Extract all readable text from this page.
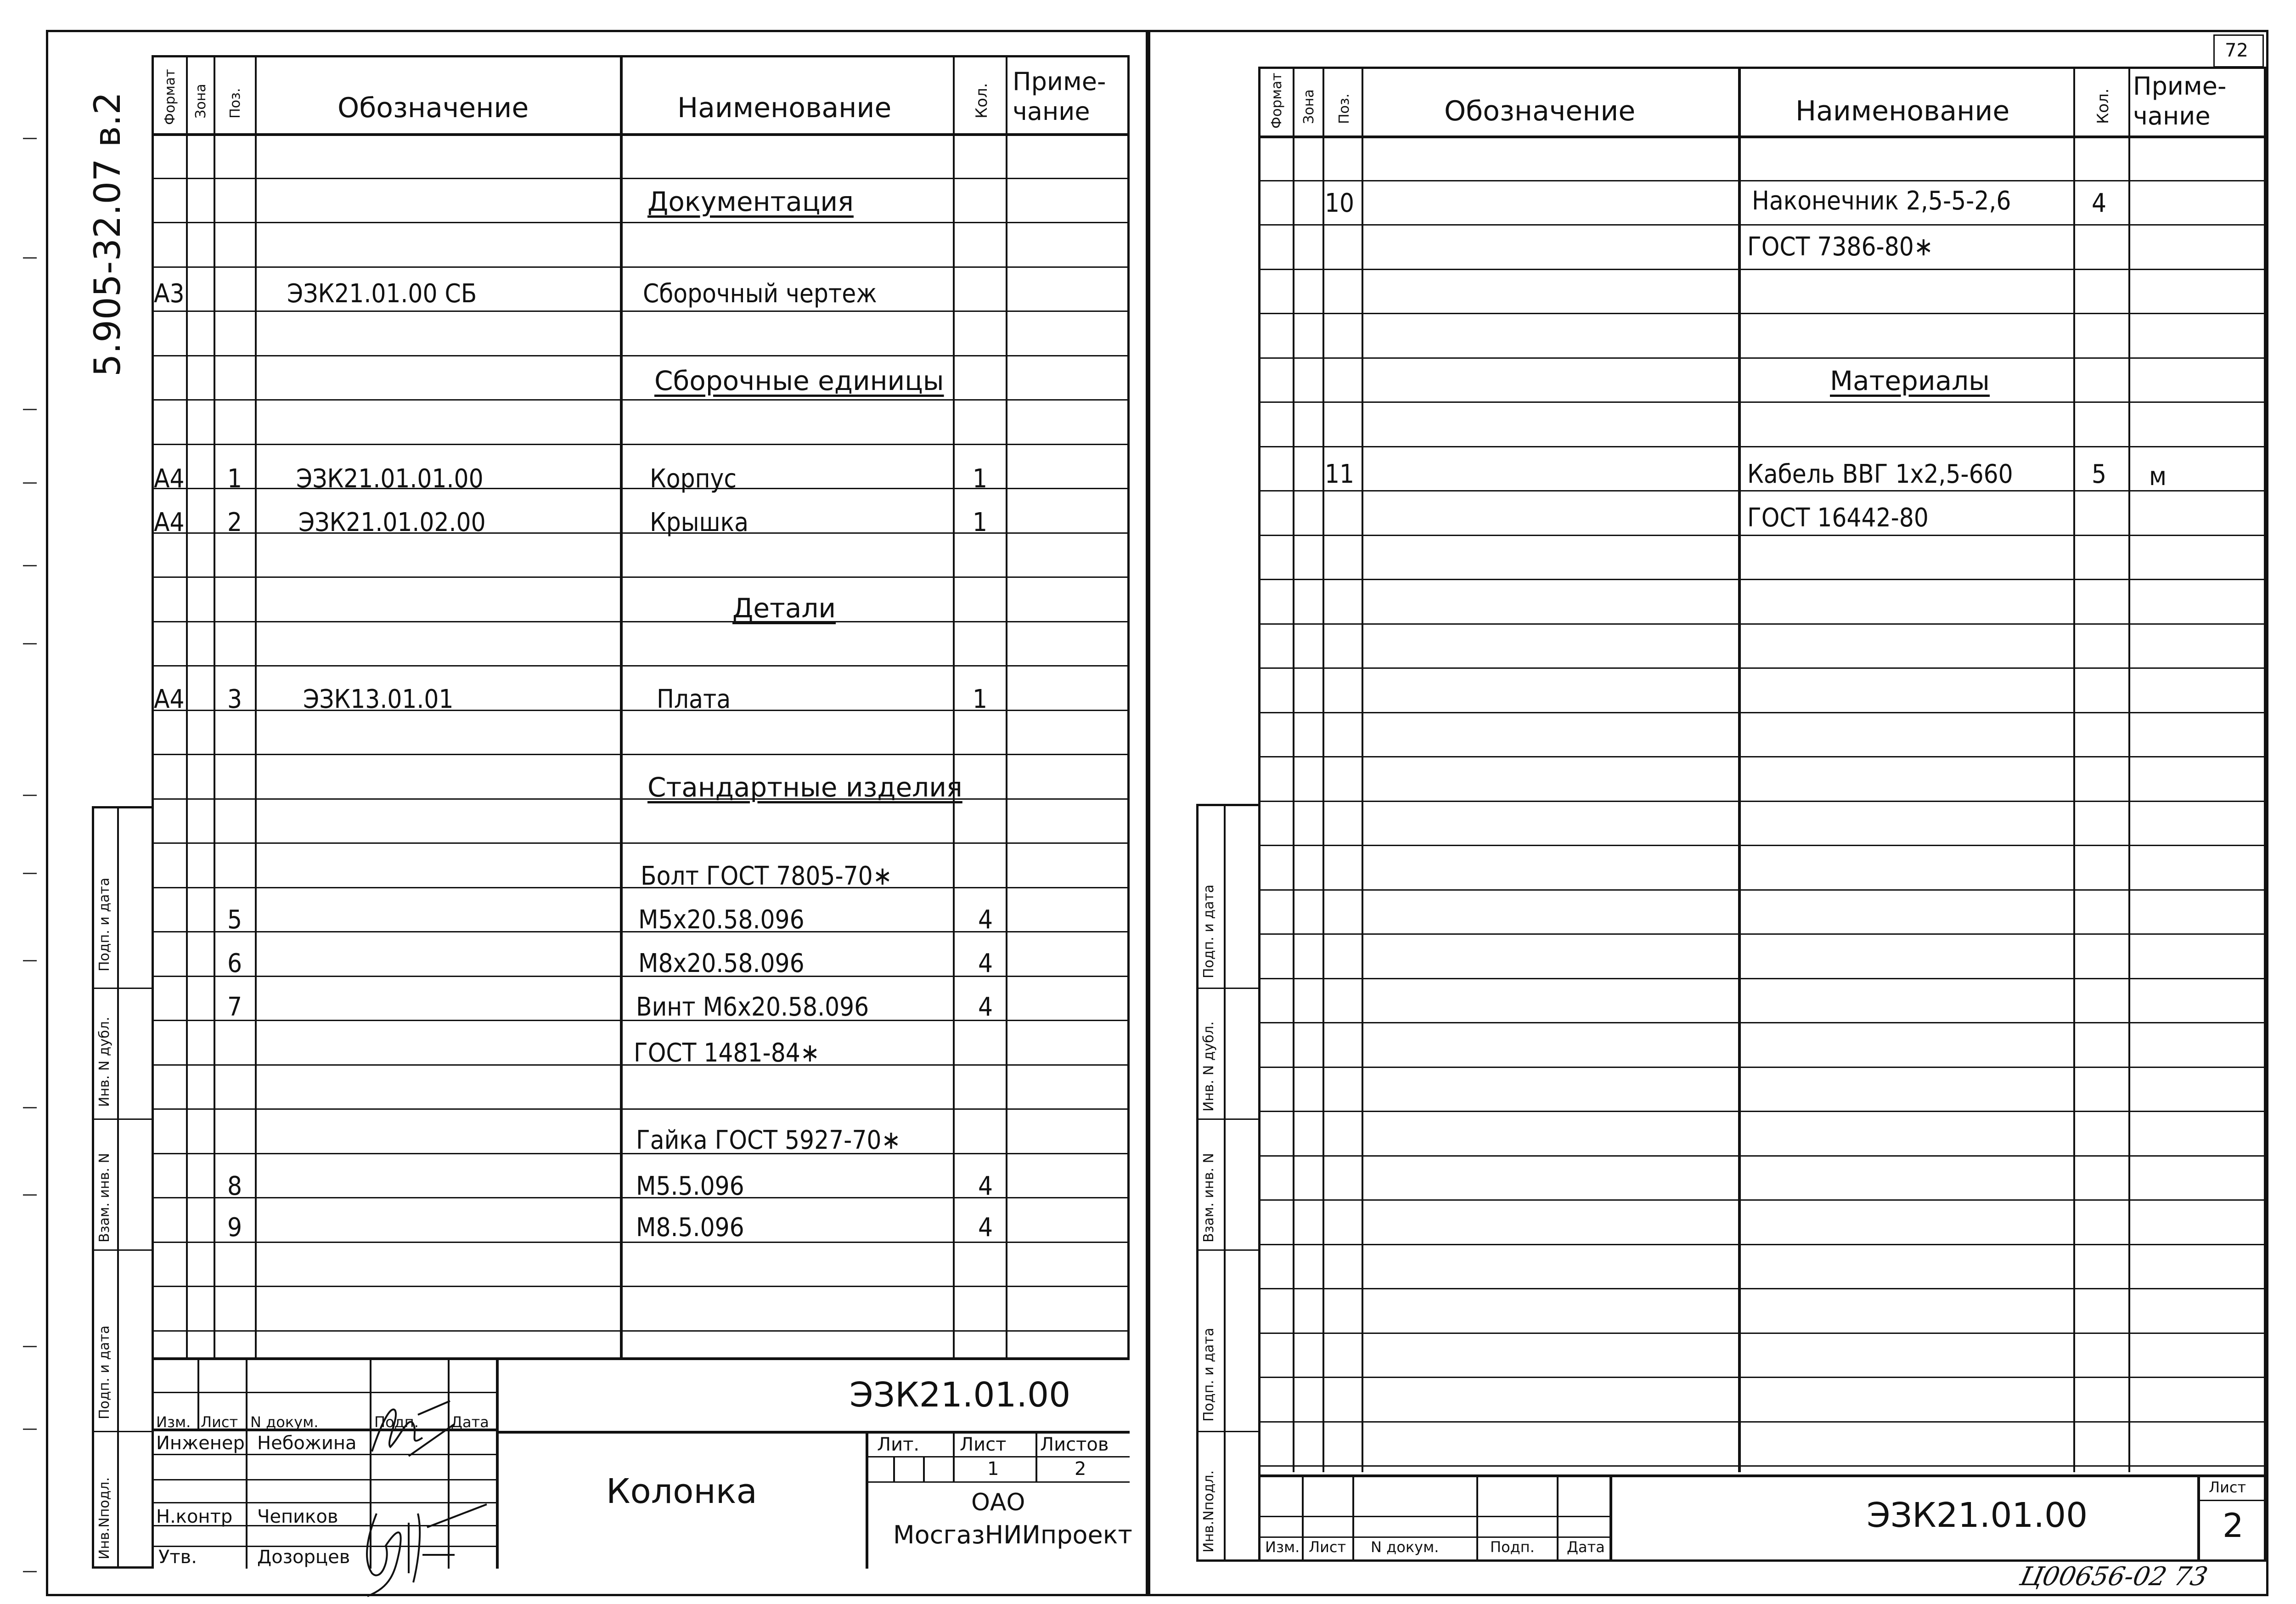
72
5.905-32.07 в.2 Формат Зона Поз.	Обозначение	Наименование	Кол.
Приме-
чание
Документация
А3	ЭЗК21.01.00 СБ	Сборочный чертеж
Сборочные единицы
А4 1 ЭЗК21.01.01.00	Корпус	1
А4 2 ЭЗК21.01.02.00	Крышка	1
Детали
А4 3 ЭЗК13.01.01	Плата	1
Стандартные изделия
Болт ГОСТ 7805-70∗
5	М5х20.58.096	4
6	М8х20.58.096	4
7	Винт М6х20.58.096	4
ГОСТ 1481-84∗
Гайка ГОСТ 5927-70∗
8	М5.5.096	4
9	М8.5.096	4
Подп. и дата
Инв. N дубл.
Взам. инв. N
Подп. и дата
Инв.Nподл.
Изм. Лист N докум.	Подп. Дата
Инженер Небожина
Н.контр Чепиков
Утв.	Дозорцев
ЭЗК21.01.00
Колонка
Лит. Лист Листов
1	2
ОАО
МосгазНИИпроект
Формат Зона Поз.	Обозначение	Наименование	Кол.
Приме-
чание
10	Наконечник 2,5-5-2,6	4
ГОСТ 7386-80∗
Материалы
11	Кабель ВВГ 1х2,5-660	5 м
ГОСТ 16442-80
Подп. и дата
Инв. N дубл.
Взам. инв. N
Подп. и дата
Инв.Nподл.	Изм. Лист N докум.	Подп. Дата
ЭЗК21.01.00
Лист
2
Ц00656-02 73
